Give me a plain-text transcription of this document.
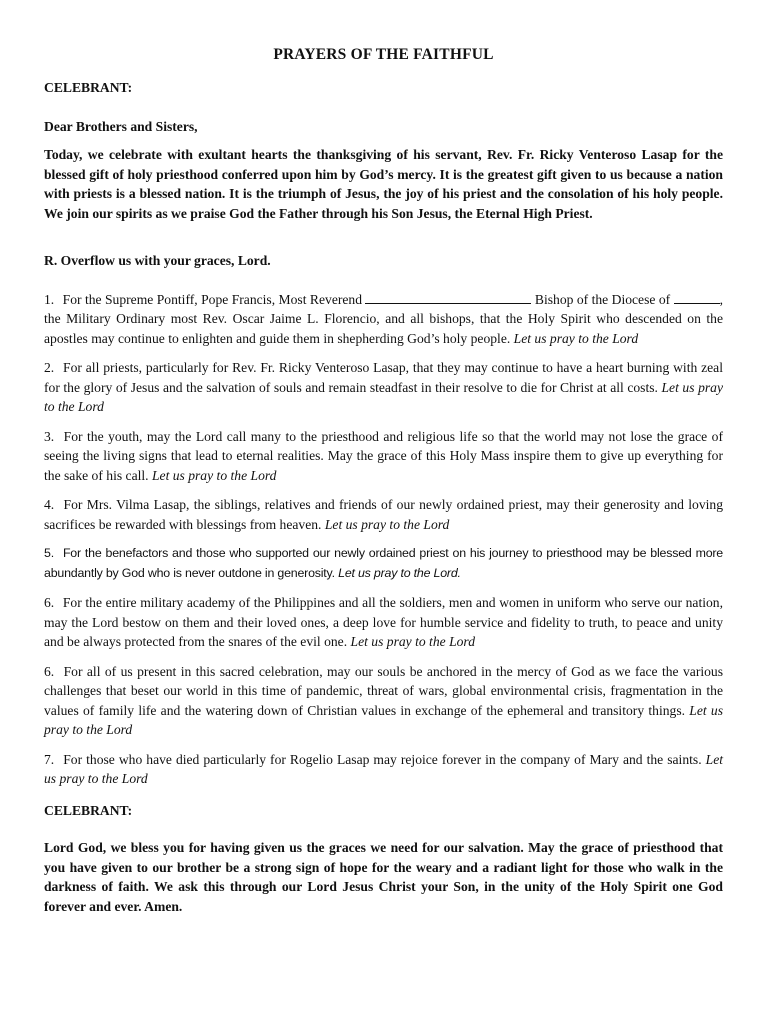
PRAYERS OF THE FAITHFUL
CELEBRANT:
Dear Brothers and Sisters,
Today, we celebrate with exultant hearts the thanksgiving of his servant, Rev. Fr. Ricky Venteroso Lasap for the blessed gift of holy priesthood conferred upon him by God’s mercy. It is the greatest gift given to us because a nation with priests is a blessed nation. It is the triumph of Jesus, the joy of his priest and the consolation of his holy people. We join our spirits as we praise God the Father through his Son Jesus, the Eternal High Priest.
R. Overflow us with your graces, Lord.
1. For the Supreme Pontiff, Pope Francis, Most Reverend	Bishop of the Diocese of	, the Military Ordinary most Rev. Oscar Jaime L. Florencio, and all bishops, that the Holy Spirit who descended on the apostles may continue to enlighten and guide them in shepherding God’s holy people. Let us pray to the Lord
2. For all priests, particularly for Rev. Fr. Ricky Venteroso Lasap, that they may continue to have a heart burning with zeal for the glory of Jesus and the salvation of souls and remain steadfast in their resolve to die for Christ at all costs. Let us pray to the Lord
3. For the youth, may the Lord call many to the priesthood and religious life so that the world may not lose the grace of seeing the living signs that lead to eternal realities. May the grace of this Holy Mass inspire them to give up everything for the sake of his call. Let us pray to the Lord
4. For Mrs. Vilma Lasap, the siblings, relatives and friends of our newly ordained priest, may their generosity and loving sacrifices be rewarded with blessings from heaven. Let us pray to the Lord
5. For the benefactors and those who supported our newly ordained priest on his journey to priesthood may be blessed more abundantly by God who is never outdone in generosity. Let us pray to the Lord.
6. For the entire military academy of the Philippines and all the soldiers, men and women in uniform who serve our nation, may the Lord bestow on them and their loved ones, a deep love for humble service and fidelity to truth, to peace and unity and be always protected from the snares of the evil one. Let us pray to the Lord
6. For all of us present in this sacred celebration, may our souls be anchored in the mercy of God as we face the various challenges that beset our world in this time of pandemic, threat of wars, global environmental crisis, fragmentation in the values of family life and the watering down of Christian values in exchange of the ephemeral and transitory things. Let us pray to the Lord
7. For those who have died particularly for Rogelio Lasap may rejoice forever in the company of Mary and the saints. Let us pray to the Lord
CELEBRANT:
Lord God, we bless you for having given us the graces we need for our salvation. May the grace of priesthood that you have given to our brother be a strong sign of hope for the weary and a radiant light for those who walk in the darkness of faith. We ask this through our Lord Jesus Christ your Son, in the unity of the Holy Spirit one God forever and ever. Amen.
